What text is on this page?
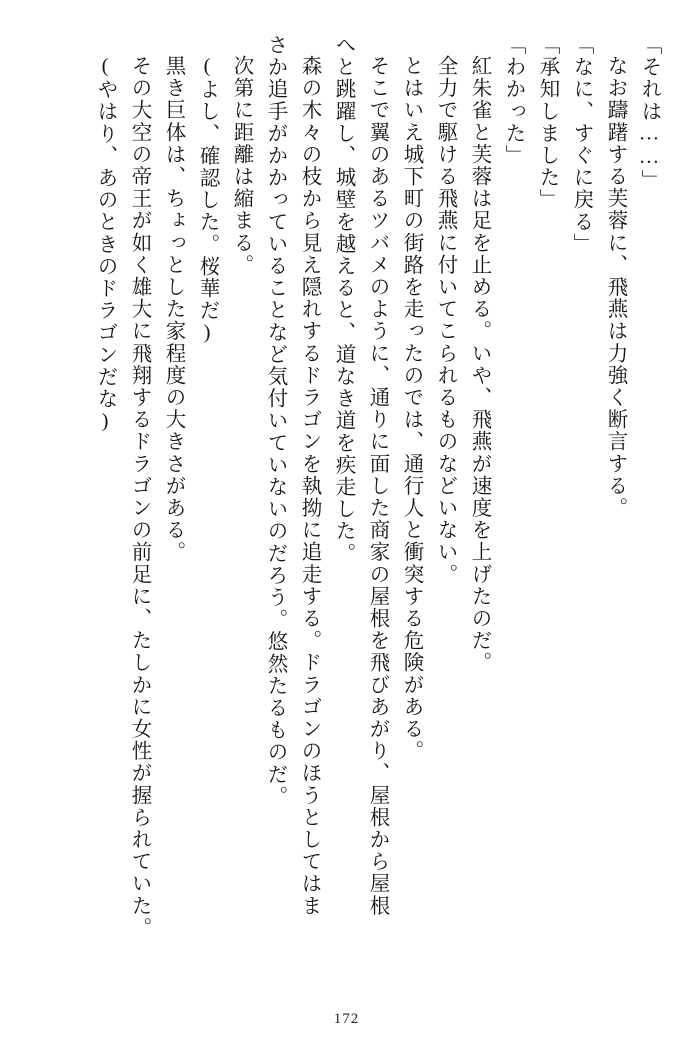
「それは……」
なお躊躇する芙蓉に、飛燕は力強く断言する。
「なに、すぐに戻る」
「承知しました」
「わかった」
紅朱雀と芙蓉は足を止める。いや、飛燕が速度を上げたのだ。
全力で駆ける飛燕に付いてこられるものなどいない。
とはいえ城下町の街路を走ったのでは、通行人と衝突する危険がある。
そこで翼のあるツバメのように、通りに面した商家の屋根を飛びあがり、屋根から屋根
へと跳躍し、城壁を越えると、道なき道を疾走した。
森の木々の枝から見え隠れするドラゴンを執拗に追走する。ドラゴンのほうとしてはま
さか追手がかかっていることなど気付いていないのだろう。悠然たるものだ。
次第に距離は縮まる。
(よし、確認した。桜華だ)
黒き巨体は、ちょっとした家程度の大きさがある。
その大空の帝王が如く雄大に飛翔するドラゴンの前足に、たしかに女性が握られていた。
(やはり、あのときのドラゴンだな)
172
